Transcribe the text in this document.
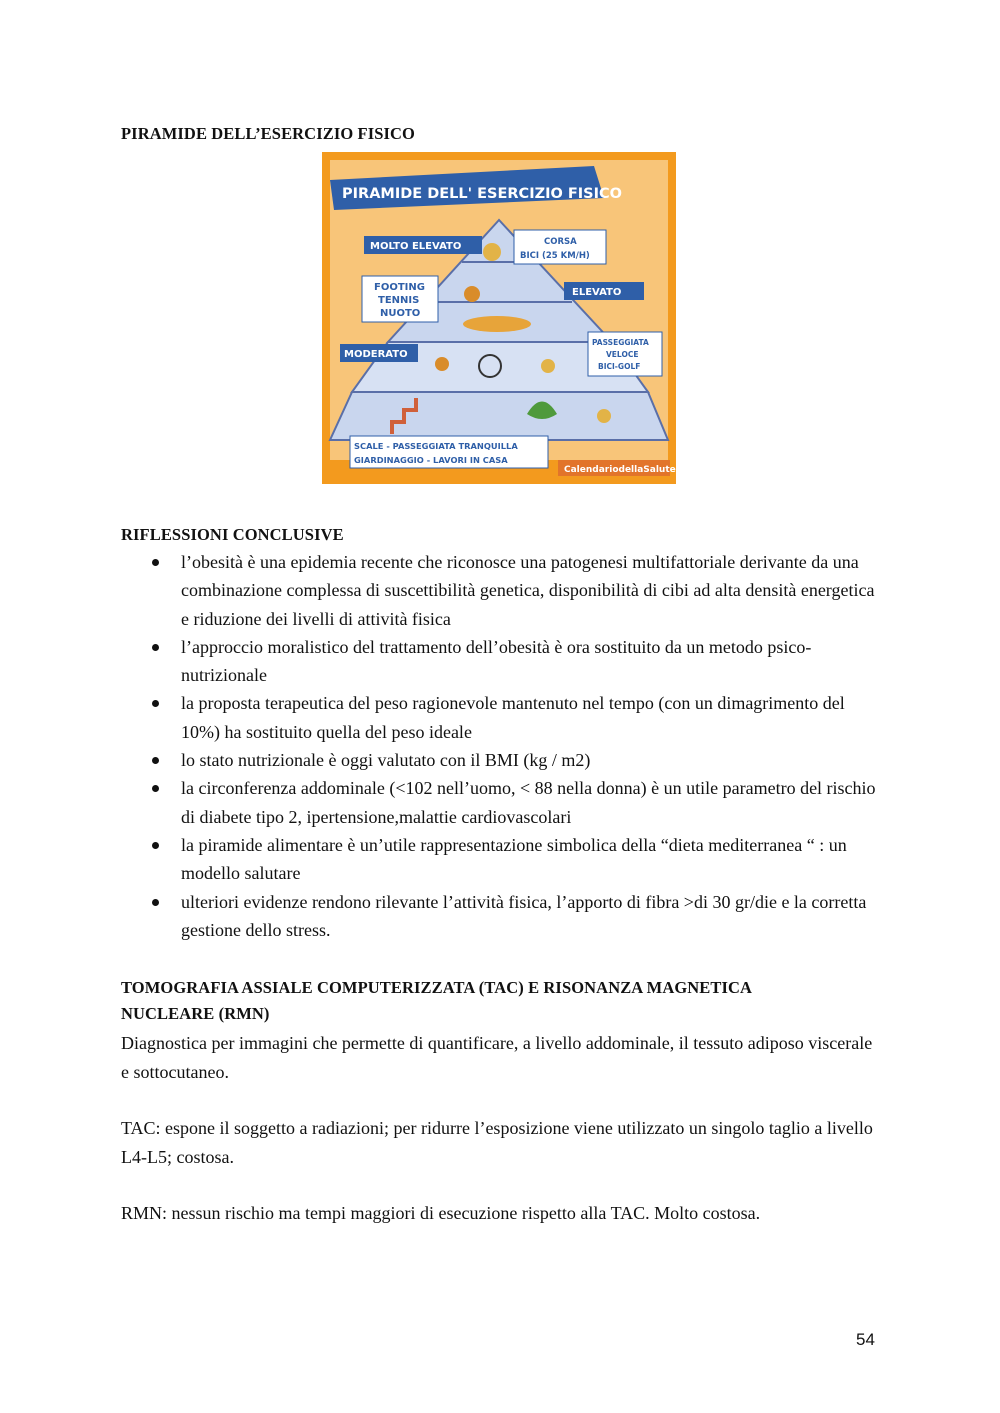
PIRAMIDE DELL’ESERCIZIO FISICO
PIRAMIDE DELL' ESERCIZIO FISICO
MOLTO ELEVATO	CORSA
BICI (25 KM/H)
FOOTING
TENNIS
NUOTO
ELEVATO
MODERATO
PASSEGGIATA
VELOCE
BICI-GOLF
SCALE - PASSEGGIATA TRANQUILLA
GIARDINAGGIO - LAVORI IN CASA
CalendariodellaSalute
RIFLESSIONI CONCLUSIVE
l’obesità è una epidemia recente che riconosce una patogenesi multifattoriale derivante da una combinazione complessa di suscettibilità genetica, disponibilità di cibi ad alta densità energetica e riduzione dei livelli di attività fisica
l’approccio moralistico del trattamento dell’obesità è ora sostituito da un metodo psico-nutrizionale
la proposta terapeutica del peso ragionevole mantenuto nel tempo (con un dimagrimento del 10%) ha sostituito quella del peso ideale
lo stato nutrizionale è oggi valutato con il BMI (kg / m2)
la circonferenza addominale (<102 nell’uomo, < 88 nella donna) è un utile parametro del rischio di diabete tipo 2, ipertensione,malattie cardiovascolari
la piramide alimentare è un’utile rappresentazione simbolica della “dieta mediterranea “ : un modello salutare
ulteriori evidenze rendono rilevante l’attività fisica, l’apporto di fibra >di 30 gr/die e la corretta gestione dello stress.
TOMOGRAFIA ASSIALE COMPUTERIZZATA (TAC) E RISONANZA MAGNETICA
NUCLEARE (RMN)
Diagnostica per immagini che permette di quantificare, a livello addominale, il tessuto adiposo viscerale e sottocutaneo.
TAC: espone il soggetto a radiazioni; per ridurre l’esposizione viene utilizzato un singolo taglio a livello L4-L5; costosa.
RMN: nessun rischio ma tempi maggiori di esecuzione rispetto alla TAC. Molto costosa.
54
